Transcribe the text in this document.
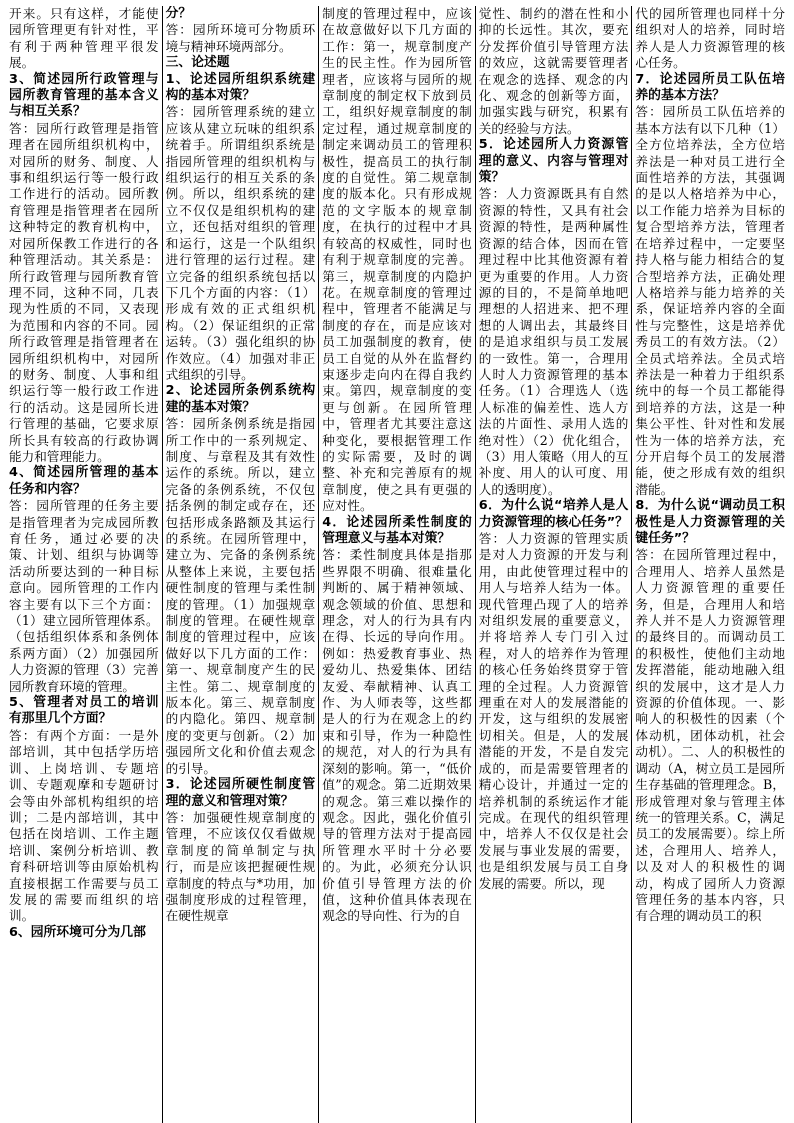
开来。只有这样，才能使园所管理更有针对性，平有利于两种管理平很发展。

3、简述园所行政管理与园所教育管理的基本含义与相互关系？

答：园所行政管理是指管理者在园所组织机构中，对园所的财务、制度、人事和组织运行等一般行政工作进行的活动。园所教育管理是指管理者在园所这种特定的教育机构中，对园所保教工作进行的各种管理活动。其关系是：所行政管理与园所教育管理不同，这种不同，几表现为性质的不同，又表现为范围和内容的不同。园所行政管理是指管理者在园所组织机构中，对园所的财务、制度、人事和组织运行等一般行政工作进行的活动。这是园所长进行管理的基础，它要求原所长具有较高的行政协调能力和管理能力。

4、简述园所管理的基本任务和内容？

答：园所管理的任务主要是指管理者为完成园所教育任务，通过必要的决策、计划、组织与协调等活动所要达到的一种目标意向。园所管理的工作内容主要有以下三个方面：（1）建立园所管理体系。（包括组织体系和条例体系两方面）（2）加强园所人力资源的管理（3）完善园所教育环境的管理。

5、管理者对员工的培训有那里几个方面？

答：有两个方面：一是外部培训，其中包括学历培训、上岗培训、专题培训、专题观摩和专题研讨会等由外部机构组织的培训；二是内部培训，其中包括在岗培训、工作主题培训、案例分析培训、教育科研培训等由原始机构直接根据工作需要与员工发展的需要而组织的培训。

6、园所环境可分为几部

分？

答：园所环境可分物质环境与精神环境两部分。

三、论述题

1、论述园所组织系统建构的基本对策？

答：园所管理系统的建立应该从建立玩味的组织系统着手。所谓组织系统是指园所管理的组织机构与组织运行的相互关系的条例。所以，组织系统的建立不仅仅是组织机构的建立，还包括对组织的管理和运行，这是一个队组织进行管理的运行过程。建立完备的组织系统包括以下几个方面的内容：（1）形成有效的正式组织机构。（2）保证组织的正常运转。（3）强化组织的协作效应。（4）加强对非正式组织的引导。

2、论述园所条例系统构建的基本对策？

答：园所条例系统是指园所工作中的一系列规定、制度、与章程及其有效性运作的系统。所以，建立完备的条例系统，不仅包括条例的制定或存在，还包括形成条路额及其运行的系统。在园所管理中，建立为、完备的条例系统从整体上来说，主要包括硬性制度的管理与柔性制度的管理。（1）加强规章制度的管理。在硬性规章制度的管理过程中，应该做好以下几方面的工作：第一、规章制度产生的民主性。第二、规章制度的版本化。第三、规章制度的内隐化。第四、规章制度的变更与创新。（2）加强园所文化和价值去观念的引导。

3．论述园所硬性制度管理的意义和管理对策？

答：加强硬性规章制度的管理，不应该仅仅看做规章制度的简单制定与执行，而是应该把握硬性规章制度的特点与*功用，加强制度形成的过程管理，在硬性规章

制度的管理过程中，应该在故意做好以下几方面的工作：第一，规章制度产生的民主性。作为园所管理者，应该将与园所的规章制度的制定权下放到员工，组织好规章制度的制定过程，通过规章制度的制定来调动员工的管理积极性，提高员工的执行制度的自觉性。第二规章制度的版本化。只有形成规范的文字版本的规章制度，在执行的过程中才具有较高的权威性，同时也有利于规章制度的完善。第三，规章制度的内隐护花。在规章制度的管理过程中，管理者不能满足与制度的存在，而是应该对员工加强制度的教育，使员工自觉的从外在监督约束逐步走向内在得自我约束。第四，规章制度的变更与创新。在园所管理中，管理者尤其要注意这种变化，要根据管理工作的实际需要，及时的调整、补充和完善原有的规章制度，使之具有更强的应对性。

4．论述园所柔性制度的管理意义与基本对策？

答：柔性制度具体是指那些界限不明确、很难量化判断的、属于精神领域、观念领域的价值、思想和理念，对人的行为具有内在得、长远的导向作用。例如：热爱教育事业、热爱幼儿、热爱集体、团结友爱、奉献精神、认真工作、为人师表等，这些都是人的行为在观念上的约束和引导，作为一种隐性的规范，对人的行为具有深刻的影响。第一，“低价值”的观念。第二近期效果的观念。第三难以操作的观念。因此，强化价值引导的管理方法对于提高园所管理水平时十分必要的。为此，必须充分认识价值引导管理方法的价值，这种价值具体表现在观念的导向性、行为的自

觉性、制约的潜在性和小抑的长远性。其次，要充分发挥价值引导管理方法的效应，这就需要管理者在观念的选择、观念的内化、观念的创新等方面，加强实践与研究，积累有关的经验与方法。

5．论述园所人力资源管理的意义、内容与管理对策？

答：人力资源既具有自然资源的特性，又具有社会资源的特性，是两种属性资源的结合体，因而在管理过程中比其他资源有着更为重要的作用。人力资源的目的，不是简单地吧理想的人招进来、把不理想的人调出去，其最终目的是追求组织与员工发展的一致性。第一，合理用人时人力资源管理的基本任务。（1）合理选人（选人标准的偏差性、选人方法的片面性、录用人选的绝对性）（2）优化组合，（3）用人策略（用人的互补度、用人的认可度、用人的透明度）。

6．为什么说“培养人是人力资源管理的核心任务”？

答：人力资源的管理实质是对人力资源的开发与利用，由此使管理过程中的用人与培养人结为一体。现代管理凸现了人的培养对组织发展的重要意义，并将培养人专门引入过程，对人的培养作为管理的核心任务始终贯穿于管理的全过程。人力资源管理重在对人的发展潜能的开发，这与组织的发展密切相关。但是，人的发展潜能的开发，不是自发完成的，而是需要管理者的精心设计，并通过一定的培养机制的系统运作才能完成。在现代的组织管理中，培养人不仅仅是社会发展与事业发展的需要，也是组织发展与员工自身发展的需要。所以，现

代的园所管理也同样十分组织对人的培养，同时培养人是人力资源管理的核心任务。

7．论述园所员工队伍培养的基本方法？

答：园所员工队伍培养的基本方法有以下几种（1）全方位培养法，全方位培养法是一种对员工进行全面性培养的方法，其强调的是以人格培养为中心，以工作能力培养为目标的复合型培养方法，管理者在培养过程中，一定要坚持人格与能力相结合的复合型培养方法，正确处理人格培养与能力培养的关系，保证培养内容的全面性与完整性，这是培养优秀员工的有效方法。（2）全员式培养法。全员式培养法是一种着力于组织系统中的每一个员工都能得到培养的方法，这是一种集公平性、针对性和发展性为一体的培养方法，充分开启每个员工的发展潜能，使之形成有效的组织潜能。

8．为什么说“调动员工积极性是人力资源管理的关键任务”？

答：在园所管理过程中，合理用人、培养人虽然是人力资源管理的重要任务，但是，合理用人和培养人并不是人力资源管理的最终目的。而调动员工的积极性，使他们主动地发挥潜能，能动地融入组织的发展中，这才是人力资源的价值体现。一、影响人的积极性的因素（个体动机，团体动机，社会动机）。二、人的积极性的调动（A，树立员工是园所生存基础的管理理念。B，形成管理对象与管理主体统一的管理关系。C，满足员工的发展需要）。综上所述，合理用人、培养人，以及对人的积极性的调动，构成了园所人力资源管理任务的基本内容，只有合理的调动员工的积
